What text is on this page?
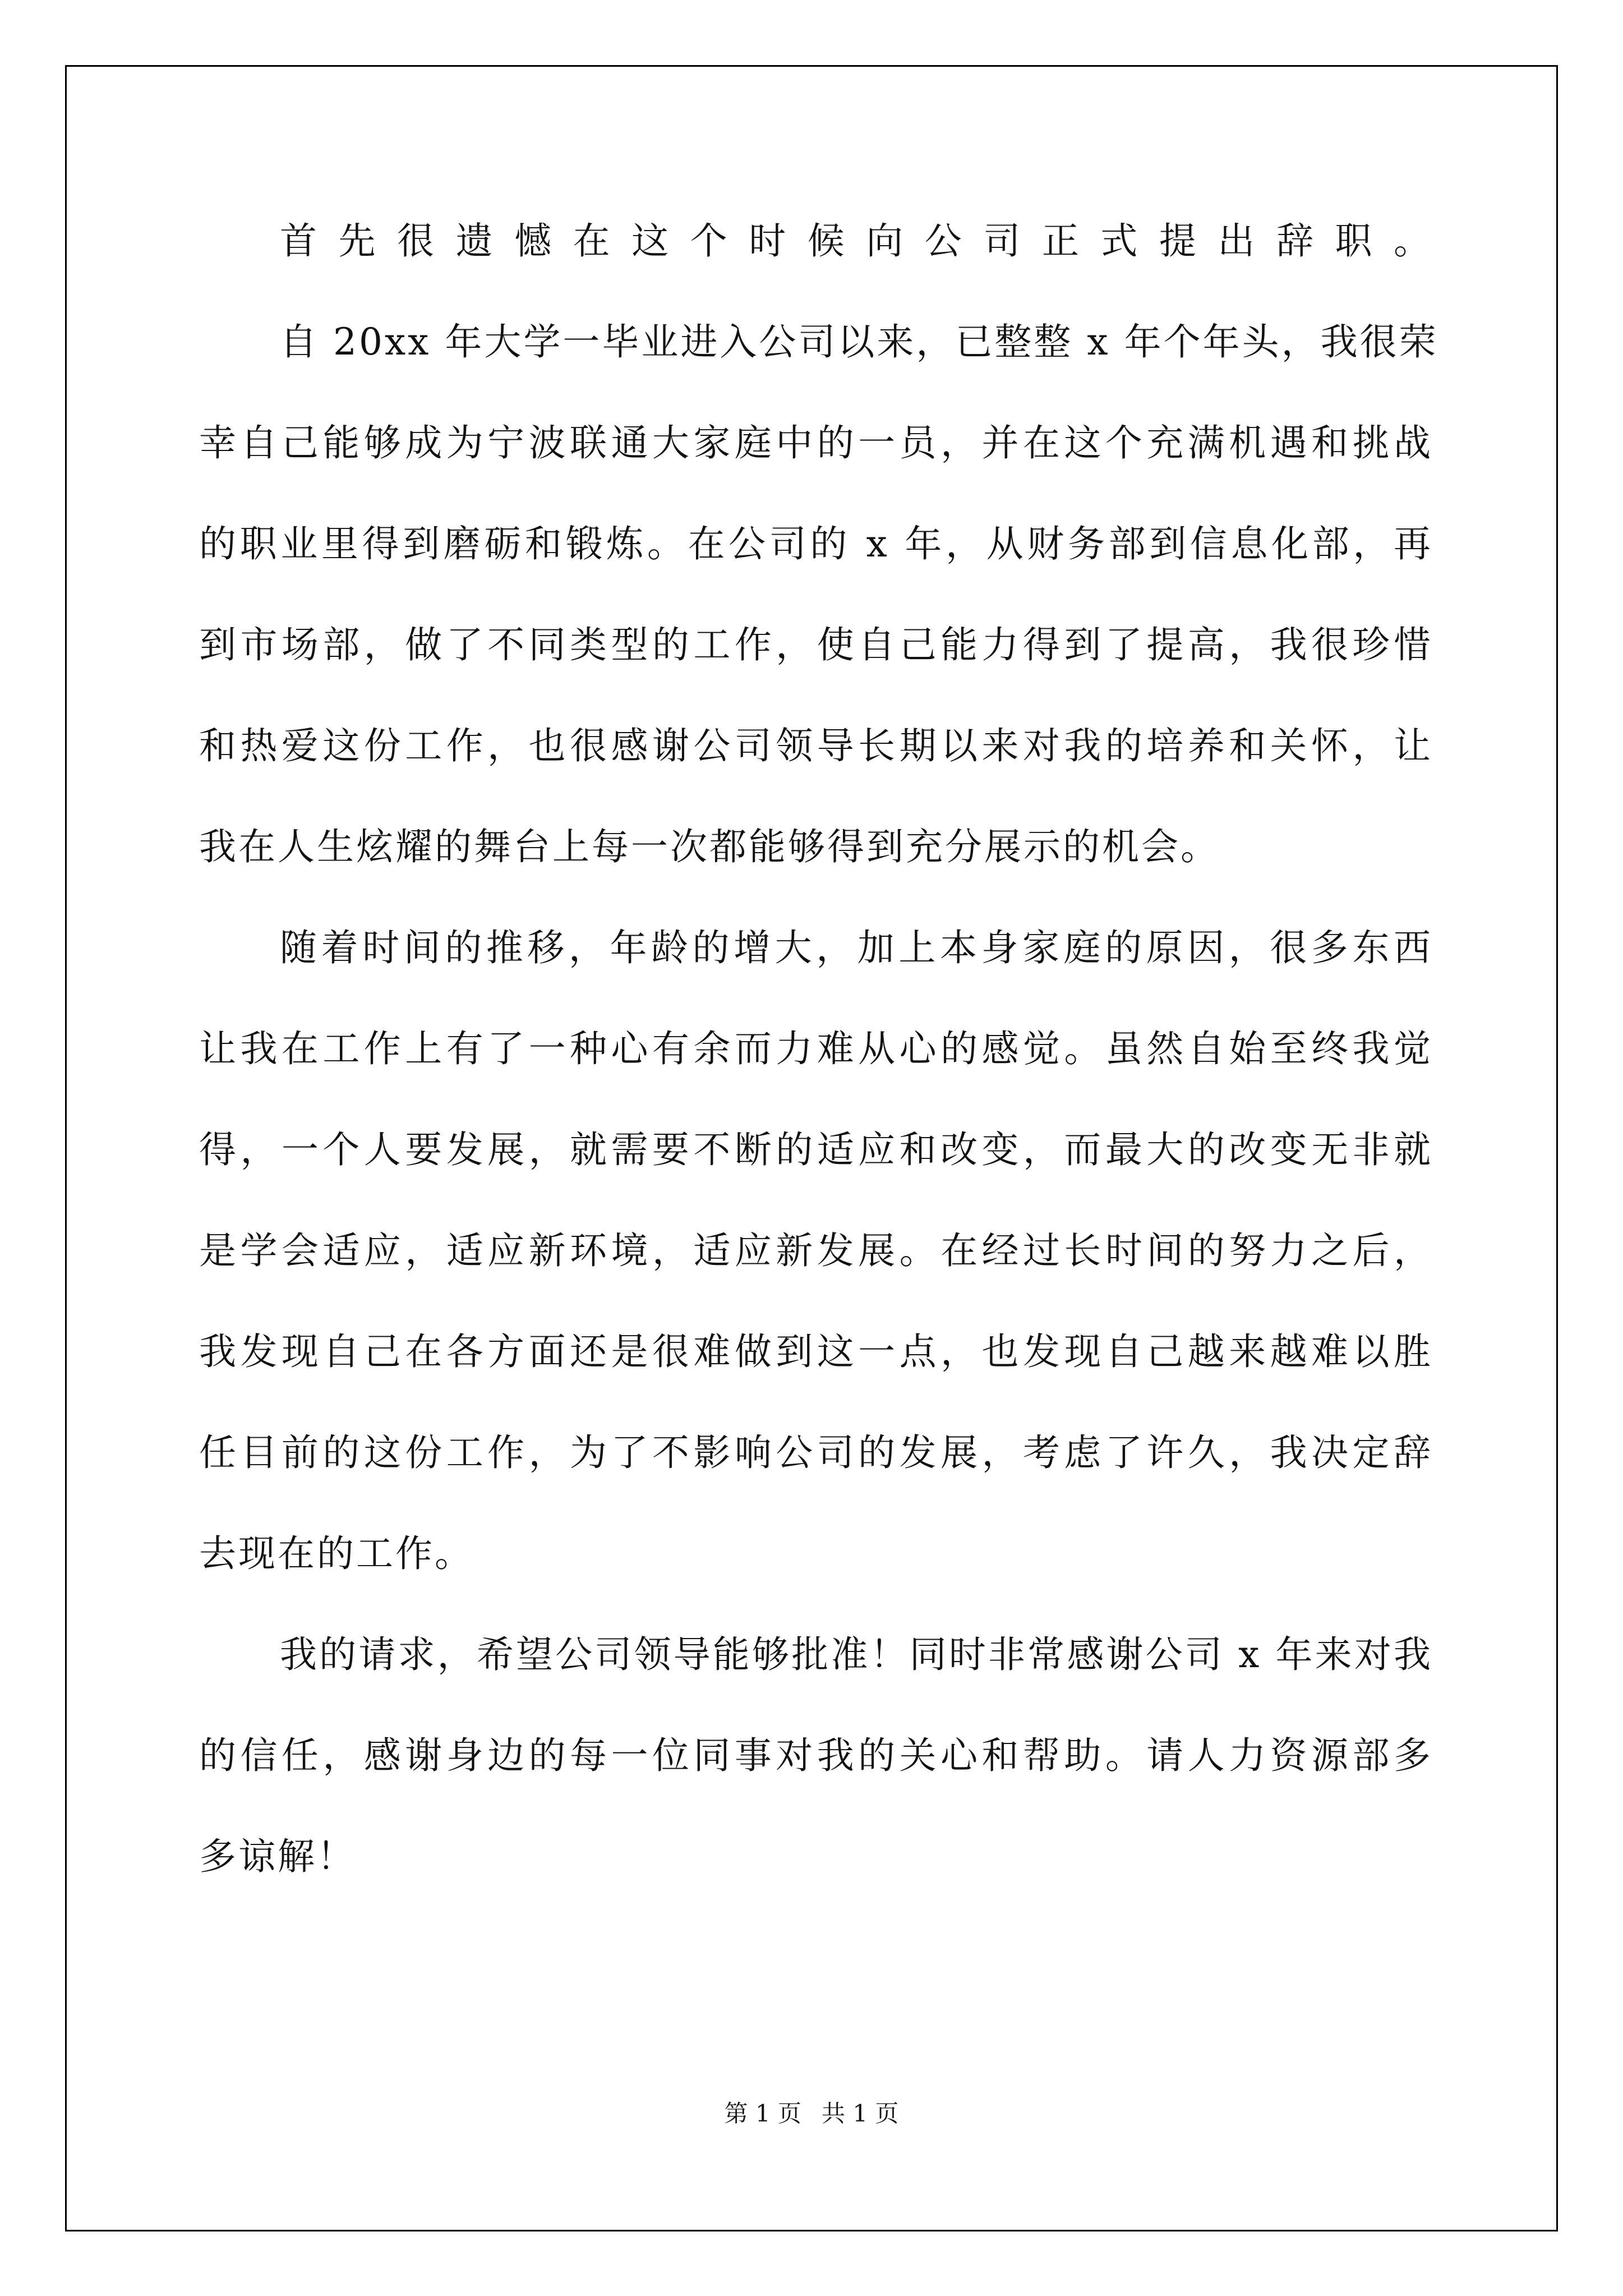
首先很遗憾在这个时候向公司正式提出辞职。
自 20xx 年大学一毕业进入公司以来，已整整 x 年个年头，我很荣
幸自己能够成为宁波联通大家庭中的一员，并在这个充满机遇和挑战
的职业里得到磨砺和锻炼。在公司的 x 年，从财务部到信息化部，再
到市场部，做了不同类型的工作，使自己能力得到了提高，我很珍惜
和热爱这份工作，也很感谢公司领导长期以来对我的培养和关怀，让
我在人生炫耀的舞台上每一次都能够得到充分展示的机会。
随着时间的推移，年龄的增大，加上本身家庭的原因，很多东西
让我在工作上有了一种心有余而力难从心的感觉。虽然自始至终我觉
得，一个人要发展，就需要不断的适应和改变，而最大的改变无非就
是学会适应，适应新环境，适应新发展。在经过长时间的努力之后，
我发现自己在各方面还是很难做到这一点，也发现自己越来越难以胜
任目前的这份工作，为了不影响公司的发展，考虑了许久，我决定辞
去现在的工作。
我的请求，希望公司领导能够批准！同时非常感谢公司 x 年来对我
的信任，感谢身边的每一位同事对我的关心和帮助。请人力资源部多
多谅解！
第 1 页 共 1 页
